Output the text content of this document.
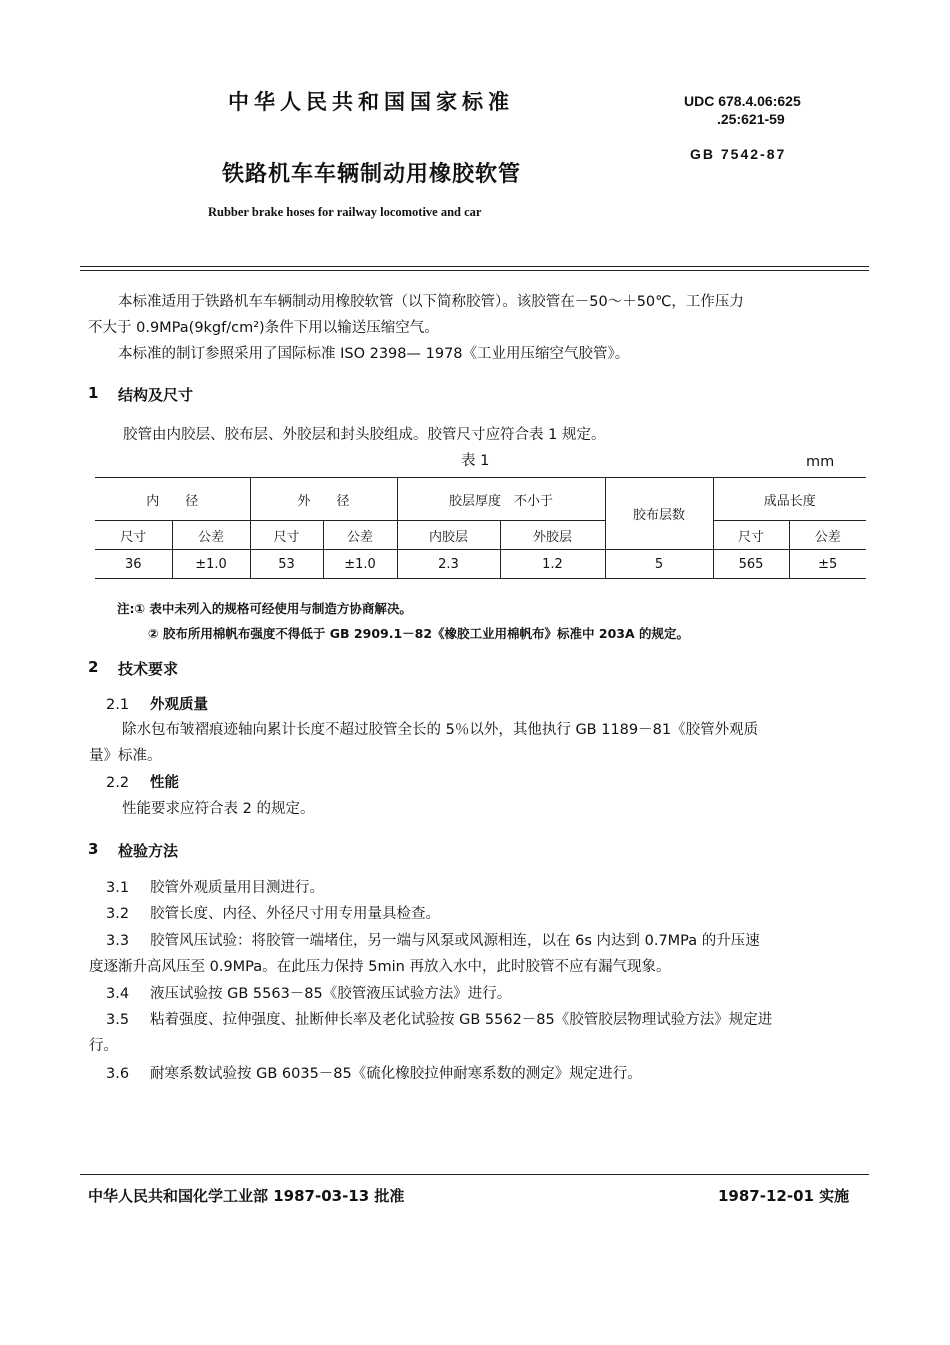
中华人民共和国国家标准	UDC 678.4.06:625
.25:621-59
GB 7542-87
铁路机车车辆制动用橡胶软管
Rubber brake hoses for railway locomotive and car
本标准适用于铁路机车车辆制动用橡胶软管（以下简称胶管）。该胶管在－50～＋50℃，工作压力
不大于 0.9MPa(9kgf/cm²)条件下用以输送压缩空气。
本标准的制订参照采用了国际标准 ISO 2398— 1978《工业用压缩空气胶管》。
1 结构及尺寸
胶管由内胶层、胶布层、外胶层和封头胶组成。胶管尺寸应符合表 1 规定。
表 1	mm
内　　径		外　　径		胶层厚度　不小于		胶布层数	成品长度	
尺寸	公差	尺寸	公差	内胶层	外胶层		尺寸	公差
36	±1.0	53	±1.0	2.3	1.2	5	565	±5
注:① 表中未列入的规格可经使用与制造方协商解决。
② 胶布所用棉帆布强度不得低于 GB 2909.1－82《橡胶工业用棉帆布》标准中 203A 的规定。
2 技术要求
2.1 外观质量
除水包布皱褶痕迹轴向累计长度不超过胶管全长的 5％以外，其他执行 GB 1189－81《胶管外观质
量》标准。
2.2 性能
性能要求应符合表 2 的规定。
3 检验方法
3.1 胶管外观质量用目测进行。
3.2 胶管长度、内径、外径尺寸用专用量具检查。
3.3 胶管风压试验：将胶管一端堵住，另一端与风泵或风源相连，以在 6s 内达到 0.7MPa 的升压速
度逐渐升高风压至 0.9MPa。在此压力保持 5min 再放入水中，此时胶管不应有漏气现象。
3.4 液压试验按 GB 5563－85《胶管液压试验方法》进行。
3.5 粘着强度、拉伸强度、扯断伸长率及老化试验按 GB 5562－85《胶管胶层物理试验方法》规定进
行。
3.6 耐寒系数试验按 GB 6035－85《硫化橡胶拉伸耐寒系数的测定》规定进行。
中华人民共和国化学工业部 1987-03-13 批准	1987-12-01 实施
